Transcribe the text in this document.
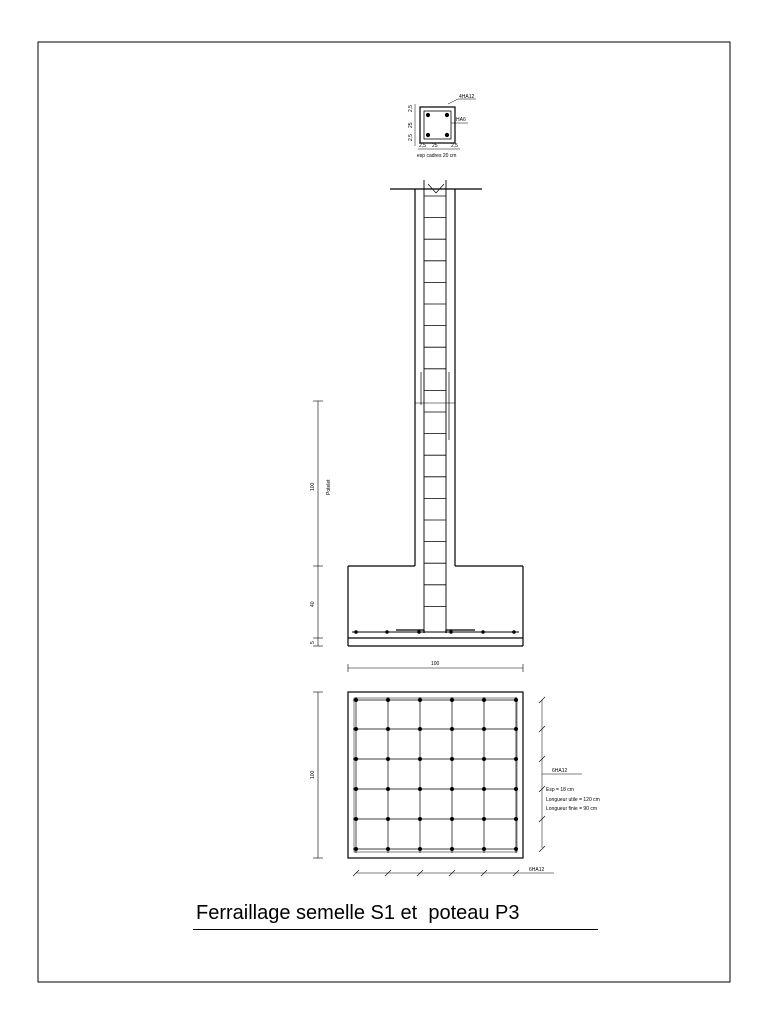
4HA12
HA6
2,5
25
2,5
2,5 25	2,5
esp cadres 20 cm
100 Potelet
40
5
100
100	6HA12
Esp = 18 cm
Longueur utile = 120 cm
Longueur finie = 90 cm
6HA12
Ferraillage semelle S1 et  poteau P3
